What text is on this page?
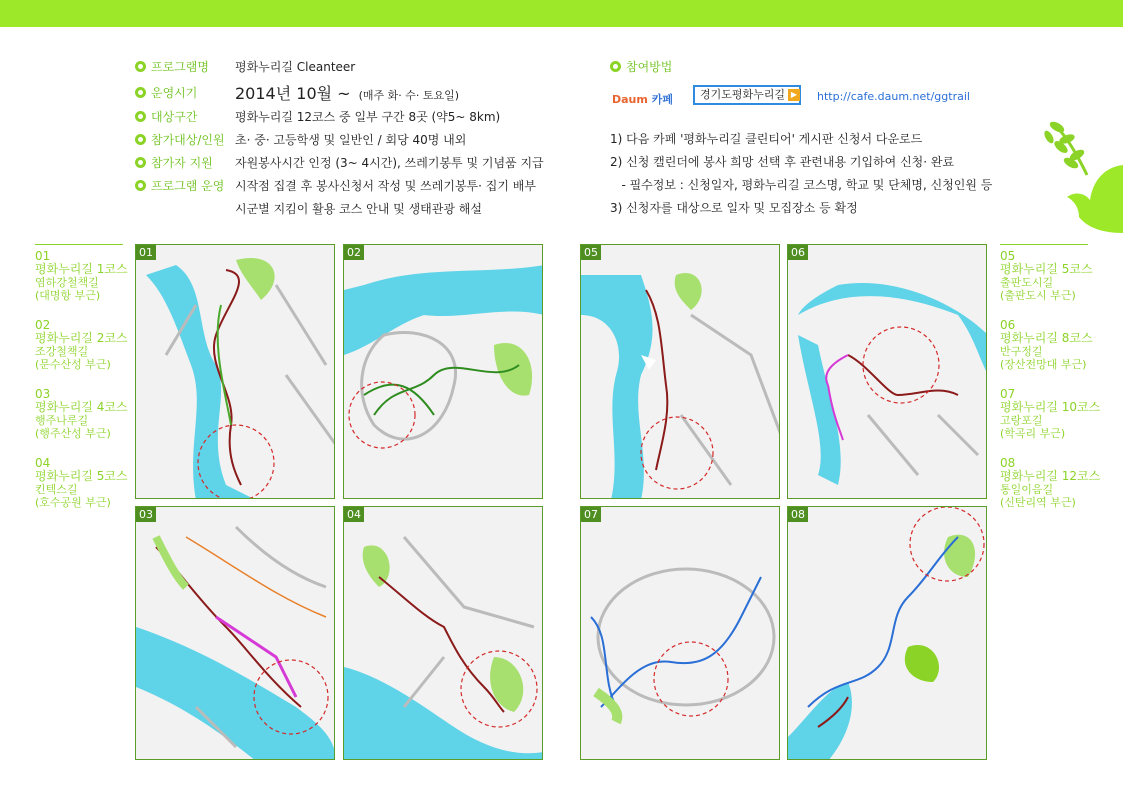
프로그램명 평화누리길 Cleanteer
운영시기 2014년 10월 ~ (매주 화· 수· 토요일)
대상구간	평화누리길 12코스 중 일부 구간 8곳 (약5~ 8km)
참가대상/인원 초· 중· 고등학생 및 일반인 / 회당 40명 내외
참가자 지원 자원봉사시간 인정 (3~ 4시간), 쓰레기봉투 및 기념품 지급
프로그램 운영 시작점 집결 후 봉사신청서 작성 및 쓰레기봉투· 집기 배부
시군별 지킴이 활용 코스 안내 및 생태관광 해설
참여방법
Daum 카페	경기도평화누리길 ▶ http://cafe.daum.net/ggtrail
1) 다음 카페 '평화누리길 클린티어' 게시판 신청서 다운로드
2) 신청 캘린더에 봉사 희망 선택 후 관련내용 기입하여 신청· 완료
- 필수정보 : 신청일자, 평화누리길 코스명, 학교 및 단체명, 신청인원 등
3) 신청자를 대상으로 일자 및 모집장소 등 확정
01
평화누리길 1코스
염하강철책길
(대명항 부근)
02
평화누리길 2코스
조강철책길
(문수산성 부근)
03
평화누리길 4코스
행주나루길
(행주산성 부근)
04
평화누리길 5코스
킨텍스길
(호수공원 부근)
05
평화누리길 5코스
출판도시길
(출판도시 부근)
06
평화누리길 8코스
반구정길
(장산전망대 부근)
07
평화누리길 10코스
고랑포길
(학곡리 부근)
08
평화누리길 12코스
통일이음길
(신탄리역 부근)
01	02
03	04
05	06
07	08
